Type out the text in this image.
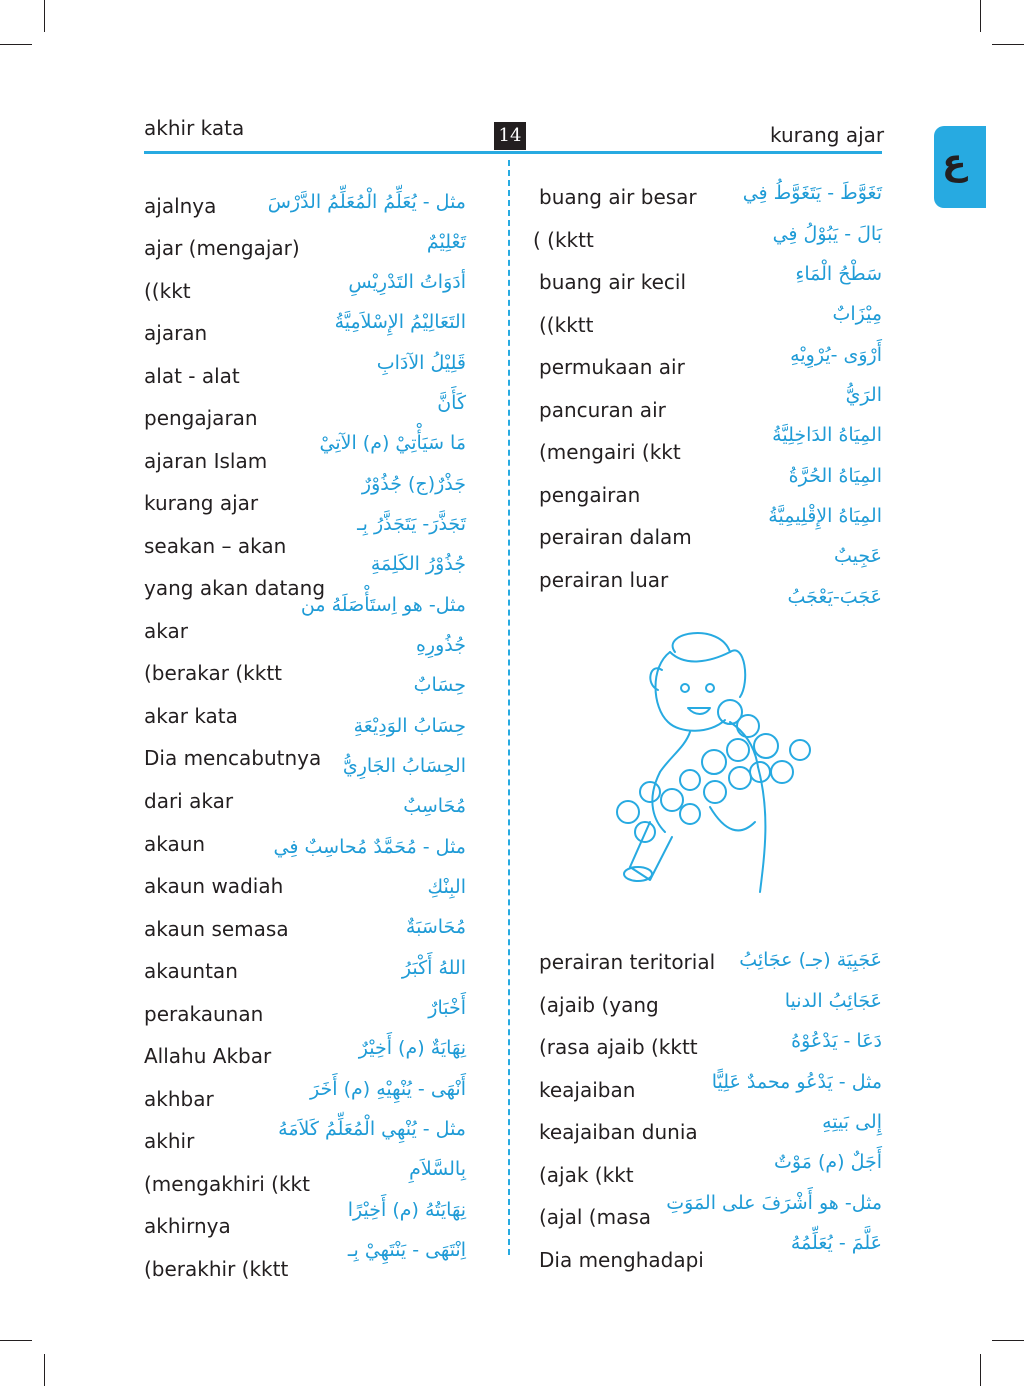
akhir kata	14	kurang ajar
ﻉ
ajalnya
ajar (mengajar)
((kkt
ajaran
alat - alat
pengajaran
ajaran Islam
kurang ajar
seakan – akan
yang akan datang
akar
(berakar (kktt
akar kata
Dia mencabutnya
dari akar
akaun
akaun wadiah
akaun semasa
akauntan
perakaunan
Allahu Akbar
akhbar
akhir
(mengakhiri (kkt
akhirnya
(berakhir (kktt
مثل - يُعَلِّمُ الْمُعَلِّمُ الدَّرْسَ
تَعْلِيْمٌ
أدَوَاتُ التَدْرِيْسِ
التَعَالِيْمُ الإِسْلاَمِيَّةُ
قَلِيْلُ الآدَابِ
كَأَنَّ
مَا سَيَأْتِيْ (م) الآتِيْ
جَذْرٌ(ج) جُذُوْرٌ
تَجَذَّرَ- يَتَجَذَّرُ بِـ
جُذُوْرُ الكَلِمَةِ
مثل- هو اِستَأْصَلَهُ من
جُذُورِهِ
حِسَابٌ
حِسَابُ الوَدِيْعَةِ
الحِسَابُ الجَارِيُّ
مُحَاسِبٌ
مثل - مُحَمَّدٌ مُحاسِبٌ فِي
البِنْكِ
مُحَاسَبَةٌ
اللهُ أَكْبَرُ
أَخْبَارٌ
نِهَايَةٌ (م) أَخِيْرٌ
أَنْهَى - يُنْهِيْهِ (م) أَخَرَ
مثل - يُنْهِي الْمُعَلِّمُ كَلاَمَهُ
بِالسَّلاَمِ
نِهَايَتُهُ (م) أَخِيْرًا
اِنْتَهَى - يَنْتَهِيْ بِـ
buang air besar
( (kktt
buang air kecil
((kktt
permukaan air
pancuran air
(mengairi (kkt
pengairan
perairan dalam
perairan luar
تَغَوَّطَ - يَتَغَوَّطُ فِي
بَالَ - يَبُوْلُ فِي
سَطْحُ الْمَاءِ
مِيْزَابٌ
أَرْوَى -يُرْوِيْهِ
الرَيُّ
المِيَاهُ الدَاخِلِيَّةُ
المِيَاهُ الحُرَّةُ
المِيَاهُ الإِقْلِيمِيَّةُ
عَجِيبٌ
عَجَبَ-يَعْجَبُ
perairan teritorial
(ajaib (yang
(rasa ajaib (kktt
keajaiban
keajaiban dunia
(ajak (kkt
(ajal (masa
Dia menghadapi
عَجَبِيَة (جـ) عجَائِبُ
عَجَائِبُ الدنيا
دَعَا - يَدْعُوْهُ
مثل - يَدْعُو محمدٌ عَلِيًّا
إِلى بَيتِهِ
أَجَلٌ (م) مَوْتٌ
مثل- هو أَشْرَفَ على المَوَتِ
عَلَّمَ - يُعَلِّمُهُ
